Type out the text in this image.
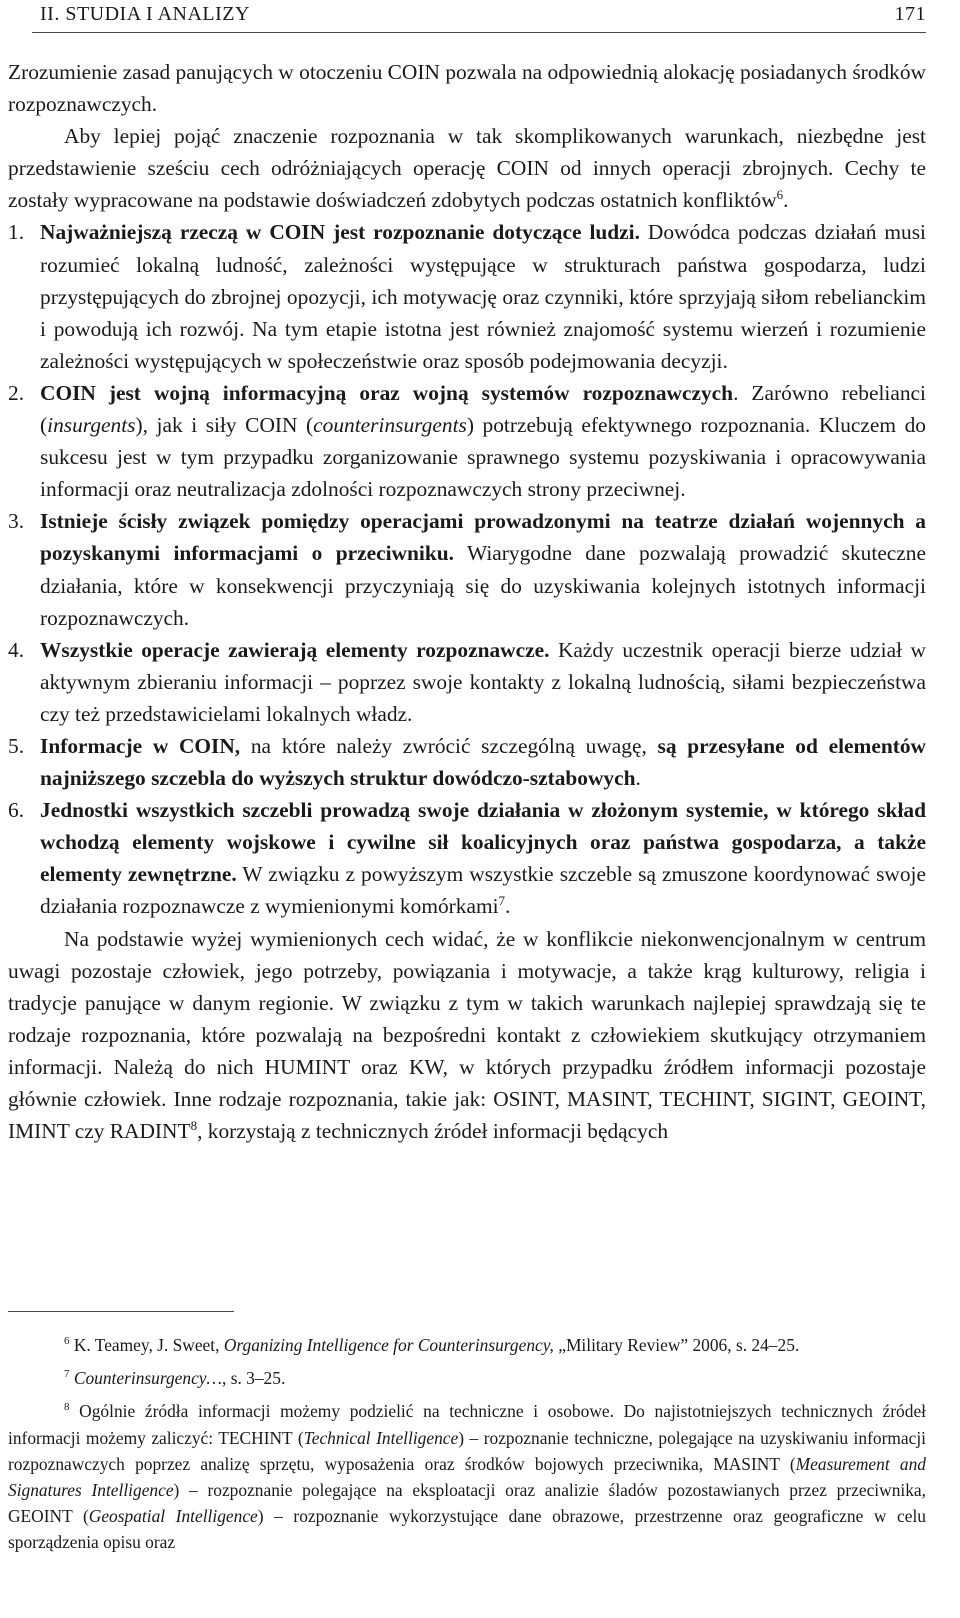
II. STUDIA I ANALIZY	171

Zrozumienie zasad panujących w otoczeniu COIN pozwala na odpowiednią alokację posiadanych środków rozpoznawczych.

Aby lepiej pojąć znaczenie rozpoznania w tak skomplikowanych warunkach, niezbędne jest przedstawienie sześciu cech odróżniających operację COIN od innych operacji zbrojnych. Cechy te zostały wypracowane na podstawie doświadczeń zdobytych podczas ostatnich konfliktów$^6$.

1. Najważniejszą rzeczą w COIN jest rozpoznanie dotyczące ludzi. Dowódca podczas działań musi rozumieć lokalną ludność, zależności występujące w strukturach państwa gospodarza, ludzi przystępujących do zbrojnej opozycji, ich motywację oraz czynniki, które sprzyjają siłom rebelianckim i powodują ich rozwój. Na tym etapie istotna jest również znajomość systemu wierzeń i rozumienie zależności występujących w społeczeństwie oraz sposób podejmowania decyzji.

2. COIN jest wojną informacyjną oraz wojną systemów rozpoznawczych. Zarówno rebelianci (insurgents), jak i siły COIN (counterinsurgents) potrzebują efektywnego rozpoznania. Kluczem do sukcesu jest w tym przypadku zorganizowanie sprawnego systemu pozyskiwania i opracowywania informacji oraz neutralizacja zdolności rozpoznawczych strony przeciwnej.

3. Istnieje ścisły związek pomiędzy operacjami prowadzonymi na teatrze działań wojennych a pozyskanymi informacjami o przeciwniku. Wiarygodne dane pozwalają prowadzić skuteczne działania, które w konsekwencji przyczyniają się do uzyskiwania kolejnych istotnych informacji rozpoznawczych.

4. Wszystkie operacje zawierają elementy rozpoznawcze. Każdy uczestnik operacji bierze udział w aktywnym zbieraniu informacji – poprzez swoje kontakty z lokalną ludnością, siłami bezpieczeństwa czy też przedstawicielami lokalnych władz.

5. Informacje w COIN, na które należy zwrócić szczególną uwagę, są przesyłane od elementów najniższego szczebla do wyższych struktur dowódczo-sztabowych.

6. Jednostki wszystkich szczebli prowadzą swoje działania w złożonym systemie, w którego skład wchodzą elementy wojskowe i cywilne sił koalicyjnych oraz państwa gospodarza, a także elementy zewnętrzne. W związku z powyższym wszystkie szczeble są zmuszone koordynować swoje działania rozpoznawcze z wymienionymi komórkami$^7$.

Na podstawie wyżej wymienionych cech widać, że w konflikcie niekonwencjonalnym w centrum uwagi pozostaje człowiek, jego potrzeby, powiązania i motywacje, a także krąg kulturowy, religia i tradycje panujące w danym regionie. W związku z tym w takich warunkach najlepiej sprawdzają się te rodzaje rozpoznania, które pozwalają na bezpośredni kontakt z człowiekiem skutkujący otrzymaniem informacji. Należą do nich HUMINT oraz KW, w których przypadku źródłem informacji pozostaje głównie człowiek. Inne rodzaje rozpoznania, takie jak: OSINT, MASINT, TECHINT, SIGINT, GEOINT, IMINT czy RADINT$^8$, korzystają z technicznych źródeł informacji będących

$^6$ K. Teamey, J. Sweet, Organizing Intelligence for Counterinsurgency, „Military Review” 2006, s. 24–25.

$^7$ Counterinsurgency…, s. 3–25.

$^8$ Ogólnie źródła informacji możemy podzielić na techniczne i osobowe. Do najistotniejszych technicznych źródeł informacji możemy zaliczyć: TECHINT (Technical Intelligence) – rozpoznanie techniczne, polegające na uzyskiwaniu informacji rozpoznawczych poprzez analizę sprzętu, wyposażenia oraz środków bojowych przeciwnika, MASINT (Measurement and Signatures Intelligence) – rozpoznanie polegające na eksploatacji oraz analizie śladów pozostawianych przez przeciwnika, GEOINT (Geospatial Intelligence) – rozpoznanie wykorzystujące dane obrazowe, przestrzenne oraz geograficzne w celu sporządzenia opisu oraz
